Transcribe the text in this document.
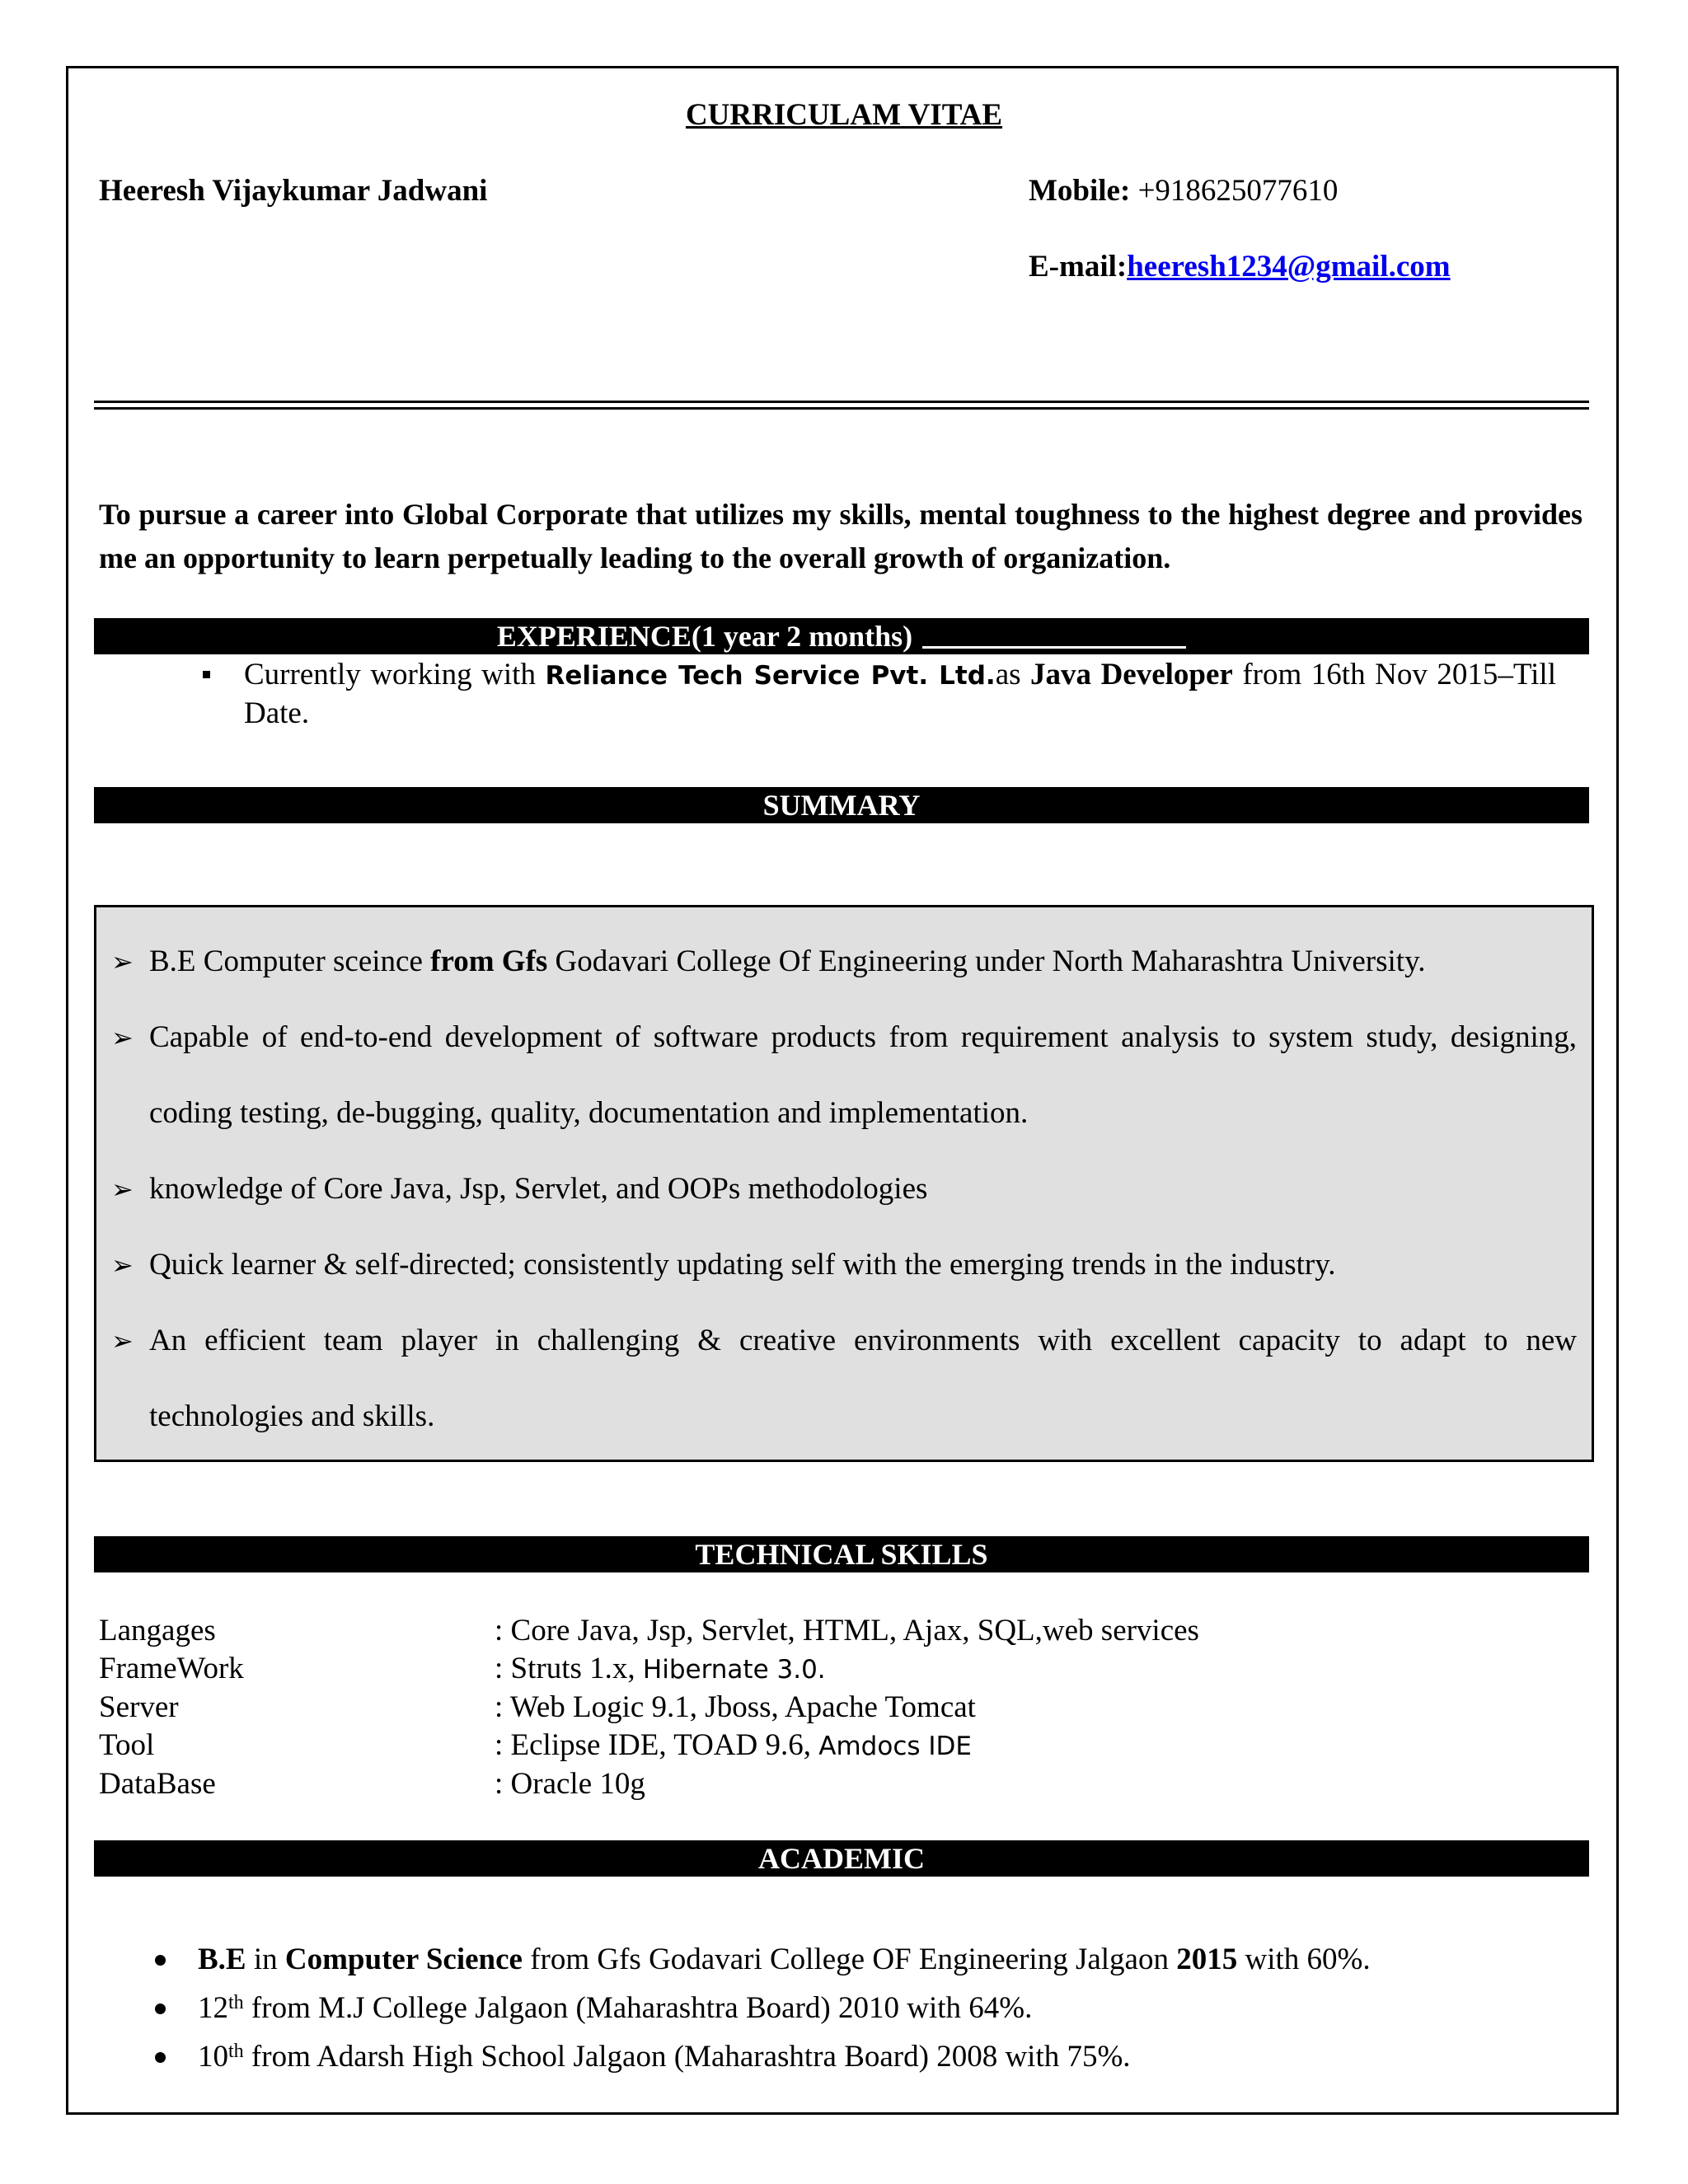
CURRICULAM VITAE
Heeresh Vijaykumar Jadwani	Mobile: +918625077610
E-mail:heeresh1234@gmail.com
To pursue a career into Global Corporate that utilizes my skills, mental toughness to the highest degree and provides me an opportunity to learn perpetually leading to the overall growth of organization.
EXPERIENCE(1 year 2 months)
Currently working with Reliance Tech Service Pvt. Ltd.as Java Developer from 16th Nov 2015–Till Date.
SUMMARY
➢ B.E Computer sceince from Gfs Godavari College Of Engineering under North Maharashtra University.
➢ Capable of end-to-end development of software products from requirement analysis to system study, designing, coding testing, de-bugging, quality, documentation and implementation.
➢ knowledge of Core Java, Jsp, Servlet, and OOPs methodologies
➢ Quick learner & self-directed; consistently updating self with the emerging trends in the industry.
➢ An efficient team player in challenging & creative environments with excellent capacity to adapt to new technologies and skills.
TECHNICAL SKILLS
Langages	: Core Java, Jsp, Servlet, HTML, Ajax, SQL,web services
FrameWork	: Struts 1.x, Hibernate 3.0.
Server	: Web Logic 9.1, Jboss, Apache Tomcat
Tool	: Eclipse IDE, TOAD 9.6, Amdocs IDE
DataBase	: Oracle 10g
ACADEMIC
B.E in Computer Science from Gfs Godavari College OF Engineering Jalgaon 2015 with 60%.
12th from M.J College Jalgaon (Maharashtra Board) 2010 with 64%.
10th from Adarsh High School Jalgaon (Maharashtra Board) 2008 with 75%.
